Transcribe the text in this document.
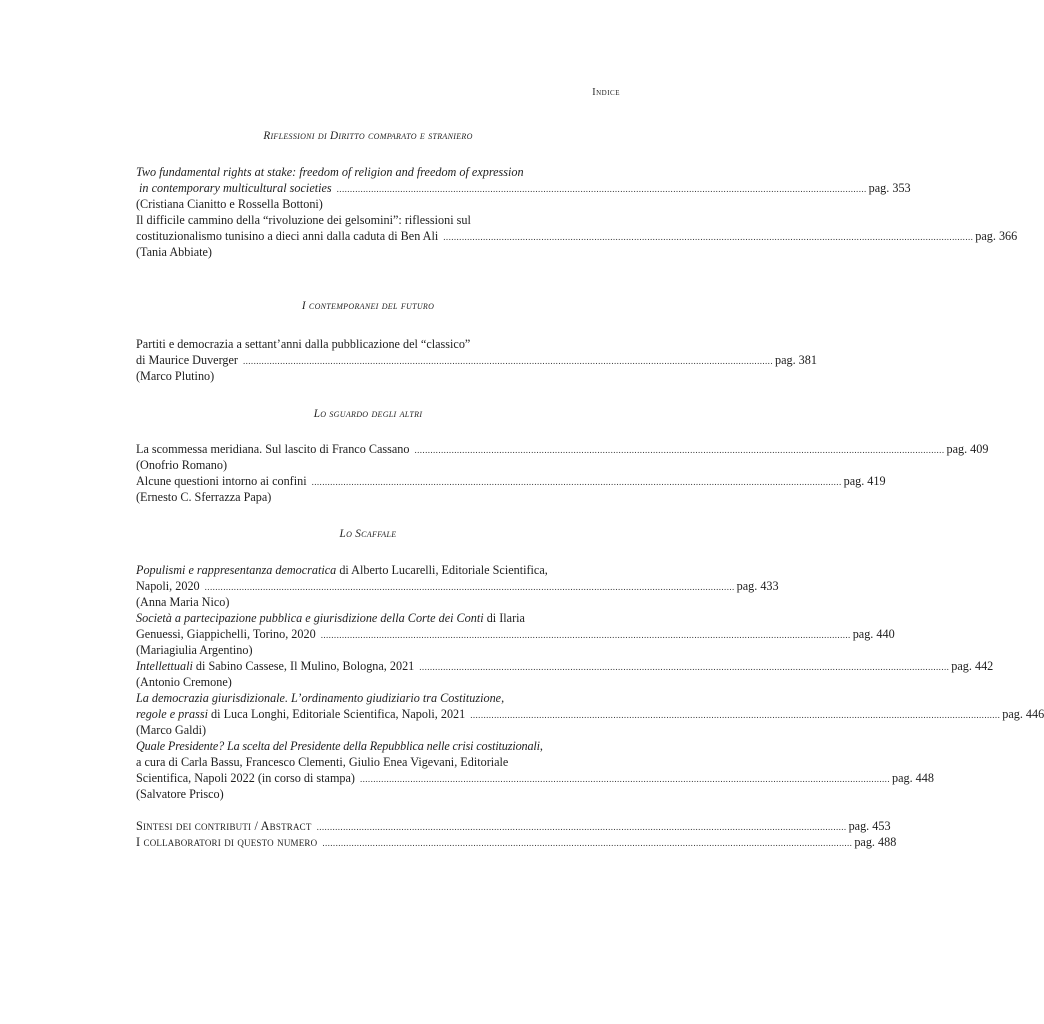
Indice
Riflessioni di Diritto comparato e straniero
Two fundamental rights at stake: freedom of religion and freedom of expression
in contemporary multicultural societies ........................................................................................................................................................................................................ pag. 353
(Cristiana Cianitto e Rossella Bottoni)
Il difficile cammino della “rivoluzione dei gelsomini”: riflessioni sul
costituzionalismo tunisino a dieci anni dalla caduta di Ben Ali ........................................................................................................................................................................................................ pag. 366
(Tania Abbiate)
I contemporanei del futuro
Partiti e democrazia a settant’anni dalla pubblicazione del “classico”
di Maurice Duverger ........................................................................................................................................................................................................ pag. 381
(Marco Plutino)
Lo sguardo degli altri
La scommessa meridiana. Sul lascito di Franco Cassano ........................................................................................................................................................................................................ pag. 409
(Onofrio Romano)
Alcune questioni intorno ai confini ........................................................................................................................................................................................................ pag. 419
(Ernesto C. Sferrazza Papa)
Lo Scaffale
Populismi e rappresentanza democratica di Alberto Lucarelli, Editoriale Scientifica,
Napoli, 2020 ........................................................................................................................................................................................................ pag. 433
(Anna Maria Nico)
Società a partecipazione pubblica e giurisdizione della Corte dei Conti di Ilaria
Genuessi, Giappichelli, Torino, 2020 ........................................................................................................................................................................................................ pag. 440
(Mariagiulia Argentino)
Intellettuali di Sabino Cassese, Il Mulino, Bologna, 2021 ........................................................................................................................................................................................................ pag. 442
(Antonio Cremone)
La democrazia giurisdizionale. L’ordinamento giudiziario tra Costituzione,
regole e prassi di Luca Longhi, Editoriale Scientifica, Napoli, 2021 ........................................................................................................................................................................................................ pag. 446
(Marco Galdi)
Quale Presidente? La scelta del Presidente della Repubblica nelle crisi costituzionali,
a cura di Carla Bassu, Francesco Clementi, Giulio Enea Vigevani, Editoriale
Scientifica, Napoli 2022 (in corso di stampa) ........................................................................................................................................................................................................ pag. 448
(Salvatore Prisco)
Sintesi dei contributi / Abstract ........................................................................................................................................................................................................ pag. 453
I collaboratori di questo numero ........................................................................................................................................................................................................ pag. 488
